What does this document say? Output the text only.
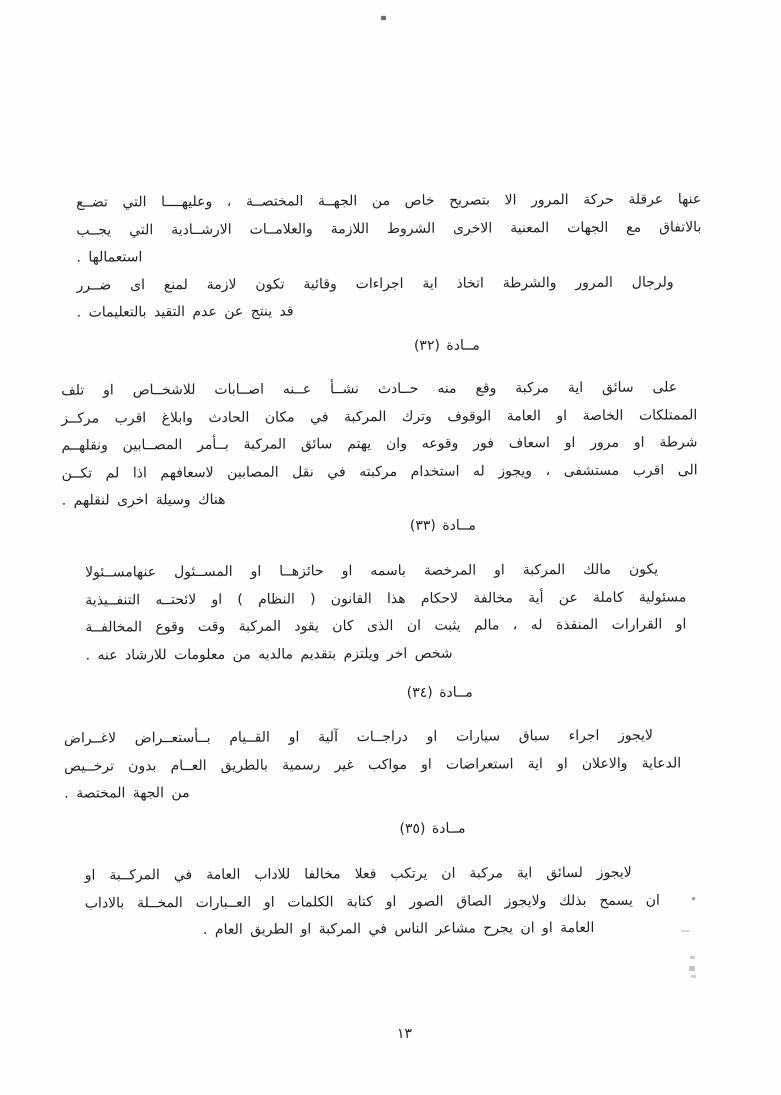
عنها عرقلة حركة المرور الا بتصريح خاص من الجهــة المختصــة ، وعليهــــا التي تضــع
بالاتفاق مع الجهات المعنية الاخرى الشروط اللازمة والعلامــات الارشــادية التي يجــب
استعمالها .
ولرجال المرور والشرطة اتخاذ اية اجراءات وقائية تكون لازمة لمنع اى ضــرر
قد ينتج عن عدم التقيد بالتعليمات .
مــادة (٣٢)
على سائق اية مركبة وقع منه حــادث نشــأ عــنه اصــابات للاشخــاص او تلف
الممتلكات الخاصة او العامة الوقوف وترك المركبة في مكان الحادث وابلاغ اقرب مركــز
شرطة او مرور او اسعاف فور وقوعه وان يهتم سائق المركبة بــأمر المصــابين ونقلهــم
الى اقرب مستشفى ، ويجوز له استخدام مركبته في نقل المصابين لاسعافهم اذا لم تكــن
هناك وسيلة اخرى لنقلهم .
مــادة (٣٣)
يكون مالك المركبة او المرخصة باسمه او حائزهــا او المســئول عنهامســئولا
مسئولية كاملة عن أية مخالفة لاحكام هذا القانون ( النظام ) او لائحتــه التنفــيذية
او القرارات المنفذة له ، مالم يثبت ان الذى كان يقود المركبة وقت وقوع المخالفــة
شخص اخر ويلتزم بتقديم مالديه من معلومات للارشاد عنه .
مــادة (٣٤)
لايجوز اجراء سباق سيارات او دراجــات آلية او القــيام بــأستعــراض لاغــراض
الدعاية والاعلان او اية استعراضات او مواكب غير رسمية بالطريق العــام بدون ترخــيص
من الجهة المختصة .
مــادة (٣٥)
لايجوز لسائق اية مركبة ان يرتكب فعلا مخالفا للاداب العامة في المركــبة او
ان يسمح بذلك ولايجوز الصاق الصور او كتابة الكلمات او العــبارات المخــلة بالاداب
العامة او ان يجرح مشاعر الناس في المركبة او الطريق العام .
١٣
